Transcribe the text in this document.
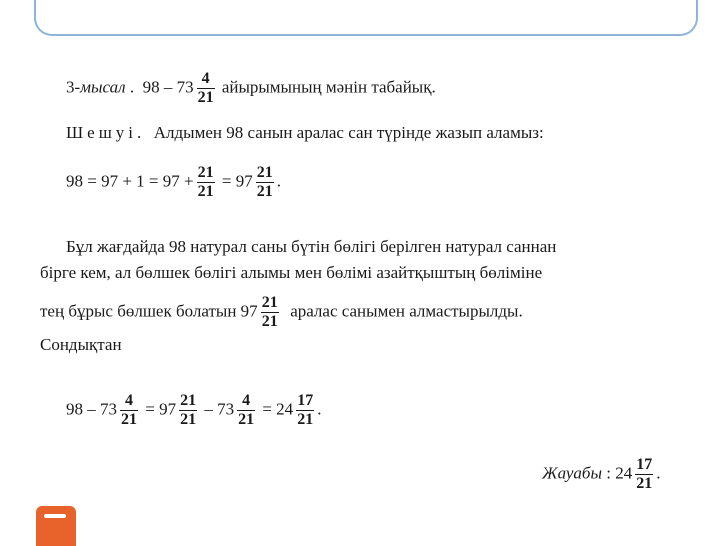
3-мысал . $98 - 73 \frac{4}{21}$ айырымының мәнін табайық.
Шешуі. Алдымен 98 санын аралас сан түрінде жазып аламыз:
$98 = 97 + 1 = 97 + \frac{21}{21} = 97 \frac{21}{21}$ .
Бұл жағдайда 98 натурал саны бүтін бөлігі берілген натурал саннан
бірге кем, ал бөлшек бөлігі алымы мен бөлімі азайтқыштың бөліміне
тең бұрыс бөлшек болатын $97 \frac{21}{21}$ аралас санымен алмастырылды.
Сондықтан
$98 - 73 \frac{4}{21} = 97 \frac{21}{21} - 73 \frac{4}{21} = 24 \frac{17}{21}$ .
Жауабы : $24 \frac{17}{21}$ .
